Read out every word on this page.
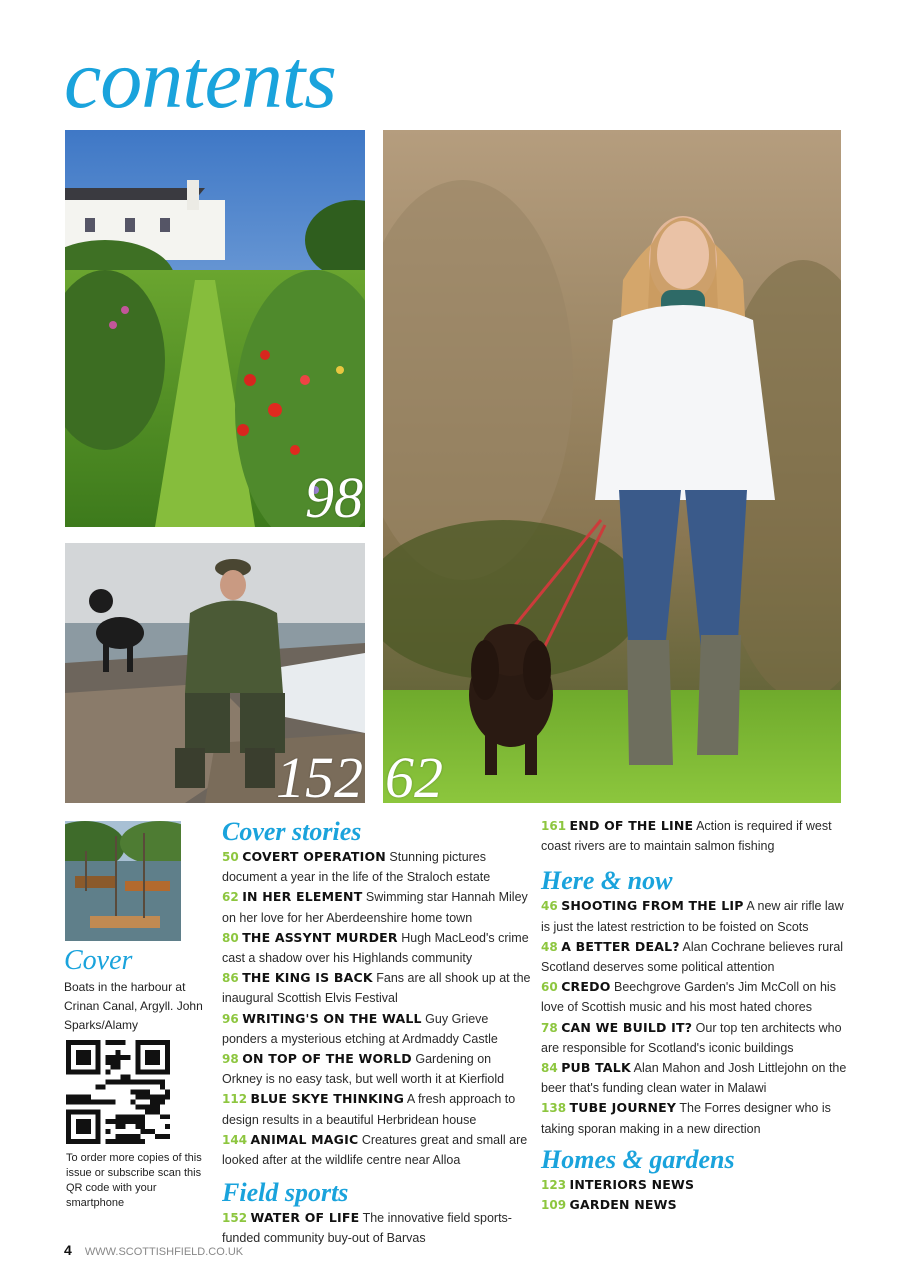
contents
98
152 62
Cover
Boats in the harbour at Crinan Canal, Argyll. John Sparks/Alamy
To order more copies of this issue or subscribe scan this QR code with your smartphone
Cover stories

50 COVERT OPERATION Stunning pictures document a year in the life of the Straloch estate

62 IN HER ELEMENT Swimming star Hannah Miley on her love for her Aberdeenshire home town

80 THE ASSYNT MURDER Hugh MacLeod's crime cast a shadow over his Highlands community

86 THE KING IS BACK Fans are all shook up at the inaugural Scottish Elvis Festival

96 WRITING'S ON THE WALL Guy Grieve ponders a mysterious etching at Ardmaddy Castle

98 ON TOP OF THE WORLD Gardening on Orkney is no easy task, but well worth it at Kierfiold

112 BLUE SKYE THINKING A fresh approach to design results in a beautiful Herbridean house

144 ANIMAL MAGIC Creatures great and small are looked after at the wildlife centre near Alloa

Field sports

152 WATER OF LIFE The innovative field sports-funded community buy-out of Barvas

161 END OF THE LINE Action is required if west coast rivers are to maintain salmon fishing

Here & now

46 SHOOTING FROM THE LIP A new air rifle law is just the latest restriction to be foisted on Scots

48 A BETTER DEAL? Alan Cochrane believes rural Scotland deserves some political attention

60 CREDO Beechgrove Garden's Jim McColl on his love of Scottish music and his most hated chores

78 CAN WE BUILD IT? Our top ten architects who are responsible for Scotland's iconic buildings

84 PUB TALK Alan Mahon and Josh Littlejohn on the beer that's funding clean water in Malawi

138 TUBE JOURNEY The Forres designer who is taking sporan making in a new direction

Homes & gardens

123 INTERIORS NEWS

109 GARDEN NEWS

4 WWW.SCOTTISHFIELD.CO.UK
